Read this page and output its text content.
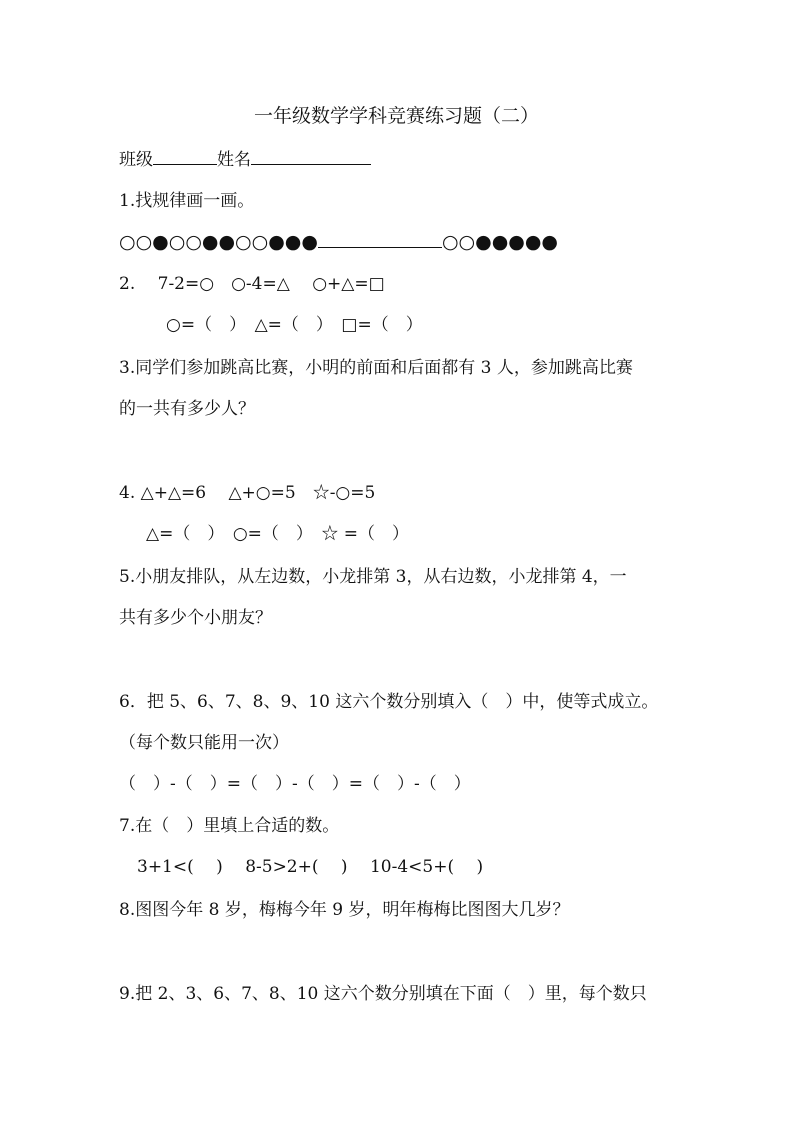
一年级数学学科竞赛练习题（二）
班级	姓名
1.找规律画一画。
○○●○○●●○○●●●	○○●●●●●
2.　 7-2=○　○-4=△　 ○+△=□
○=（　）　△=（　）　□=（　）
3.同学们参加跳高比赛，小明的前面和后面都有 3 人，参加跳高比赛
的一共有多少人？
4. △+△=6　 △+○=5　☆-○=5
△=（　）　○=（　）　☆ =（　）
5.小朋友排队，从左边数，小龙排第 3，从右边数，小龙排第 4，一
共有多少个小朋友？
6．把 5、6、7、8、9、10 这六个数分别填入（　）中，使等式成立。
（每个数只能用一次）
（　）-（　）=（　）-（　）=（　）-（　）
7.在（　）里填上合适的数。
3+1<(　 )　 8-5>2+(　 )　 10-4<5+(　 )
8.图图今年 8 岁，梅梅今年 9 岁，明年梅梅比图图大几岁？
9.把 2、3、6、7、8、10 这六个数分别填在下面（　）里，每个数只
